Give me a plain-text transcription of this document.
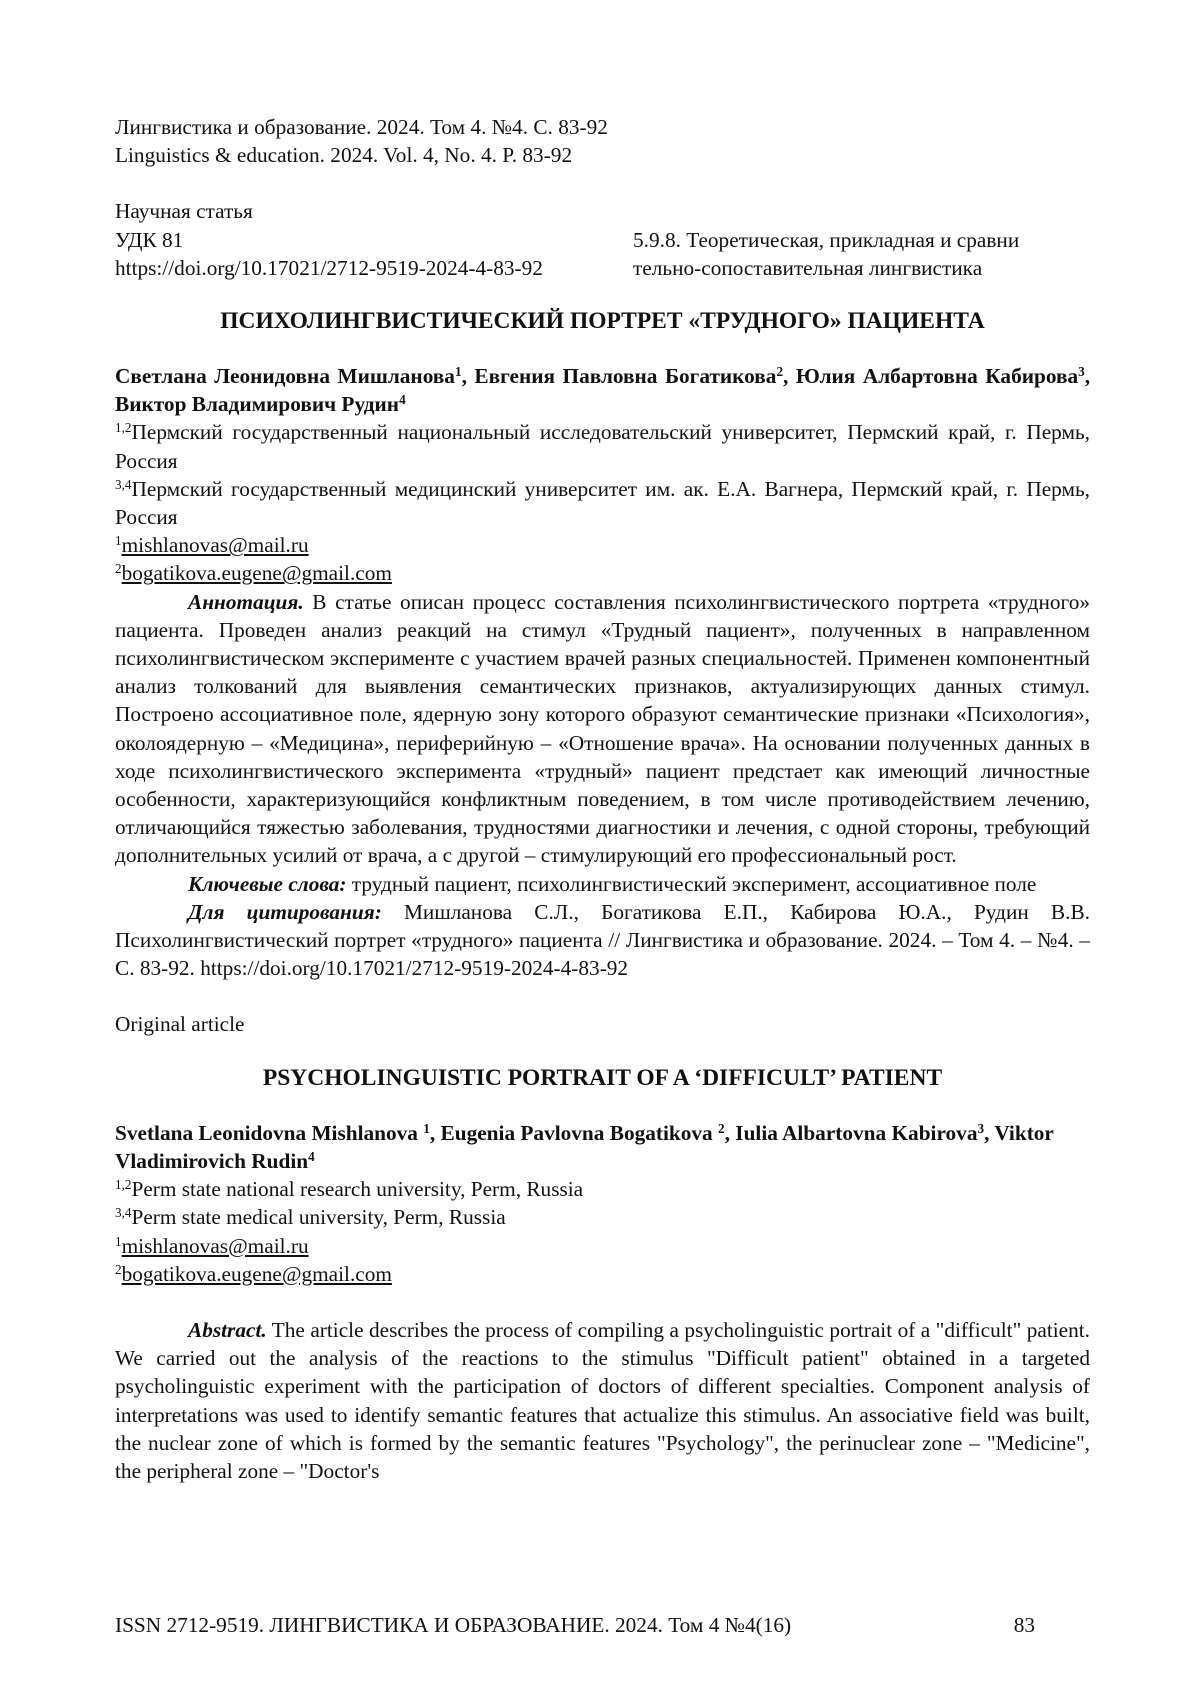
Лингвистика и образование. 2024. Том 4. №4. С. 83-92

Linguistics & education. 2024. Vol. 4, No. 4. P. 83-92

Научная статья

УДК 81

https://doi.org/10.17021/2712-9519-2024-4-83-92

5.9.8. Теоретическая, прикладная и сравни

тельно-сопоставительная лингвистика

ПСИХОЛИНГВИСТИЧЕСКИЙ ПОРТРЕТ «ТРУДНОГО» ПАЦИЕНТА

Светлана Леонидовна Мишланова$^1$, Евгения Павловна Богатикова$^2$, Юлия Албартовна Кабирова$^3$, Виктор Владимирович Рудин$^4$

$^{1,2}$Пермский государственный национальный исследовательский университет, Пермский край, г. Пермь, Россия

$^{3,4}$Пермский государственный медицинский университет им. ак. Е.А. Вагнера, Пермский край, г. Пермь, Россия

$^1$mishlanovas@mail.ru

$^2$bogatikova.eugene@gmail.com

Аннотация. В статье описан процесс составления психолингвистического портрета «трудного» пациента. Проведен анализ реакций на стимул «Трудный пациент», полученных в направленном психолингвистическом эксперименте с участием врачей разных специальностей. Применен компонентный анализ толкований для выявления семантических признаков, актуализирующих данных стимул. Построено ассоциативное поле, ядерную зону которого образуют семантические признаки «Психология», околоядерную – «Медицина», периферийную – «Отношение врача». На основании полученных данных в ходе психолингвистического эксперимента «трудный» пациент предстает как имеющий личностные особенности, характеризующийся конфликтным поведением, в том числе противодействием лечению, отличающийся тяжестью заболевания, трудностями диагностики и лечения, с одной стороны, требующий дополнительных усилий от врача, а с другой – стимулирующий его профессиональный рост.

Ключевые слова: трудный пациент, психолингвистический эксперимент, ассоциативное поле

Для цитирования: Мишланова С.Л., Богатикова Е.П., Кабирова Ю.А., Рудин В.В. Психолингвистический портрет «трудного» пациента // Лингвистика и образование. 2024. – Том 4. – №4. – С. 83-92. https://doi.org/10.17021/2712-9519-2024-4-83-92

Original article

PSYCHOLINGUISTIC PORTRAIT OF A ‘DIFFICULT’ PATIENT

Svetlana Leonidovna Mishlanova $^1$, Eugenia Pavlovna Bogatikova $^2$, Iulia Albartovna Kabirova$^3$, Viktor Vladimirovich Rudin$^4$

$^{1,2}$Perm state national research university, Perm, Russia

$^{3,4}$Perm state medical university, Perm, Russia

$^1$mishlanovas@mail.ru

$^2$bogatikova.eugene@gmail.com

Abstract. The article describes the process of compiling a psycholinguistic portrait of a "difficult" patient. We carried out the analysis of the reactions to the stimulus "Difficult patient" obtained in a targeted psycholinguistic experiment with the participation of doctors of different specialties. Component analysis of interpretations was used to identify semantic features that actualize this stimulus. An associative field was built, the nuclear zone of which is formed by the semantic features "Psychology", the perinuclear zone – "Medicine", the peripheral zone – "Doctor's

ISSN 2712-9519. ЛИНГВИСТИКА И ОБРАЗОВАНИЕ. 2024. Том 4 №4(16)	83
